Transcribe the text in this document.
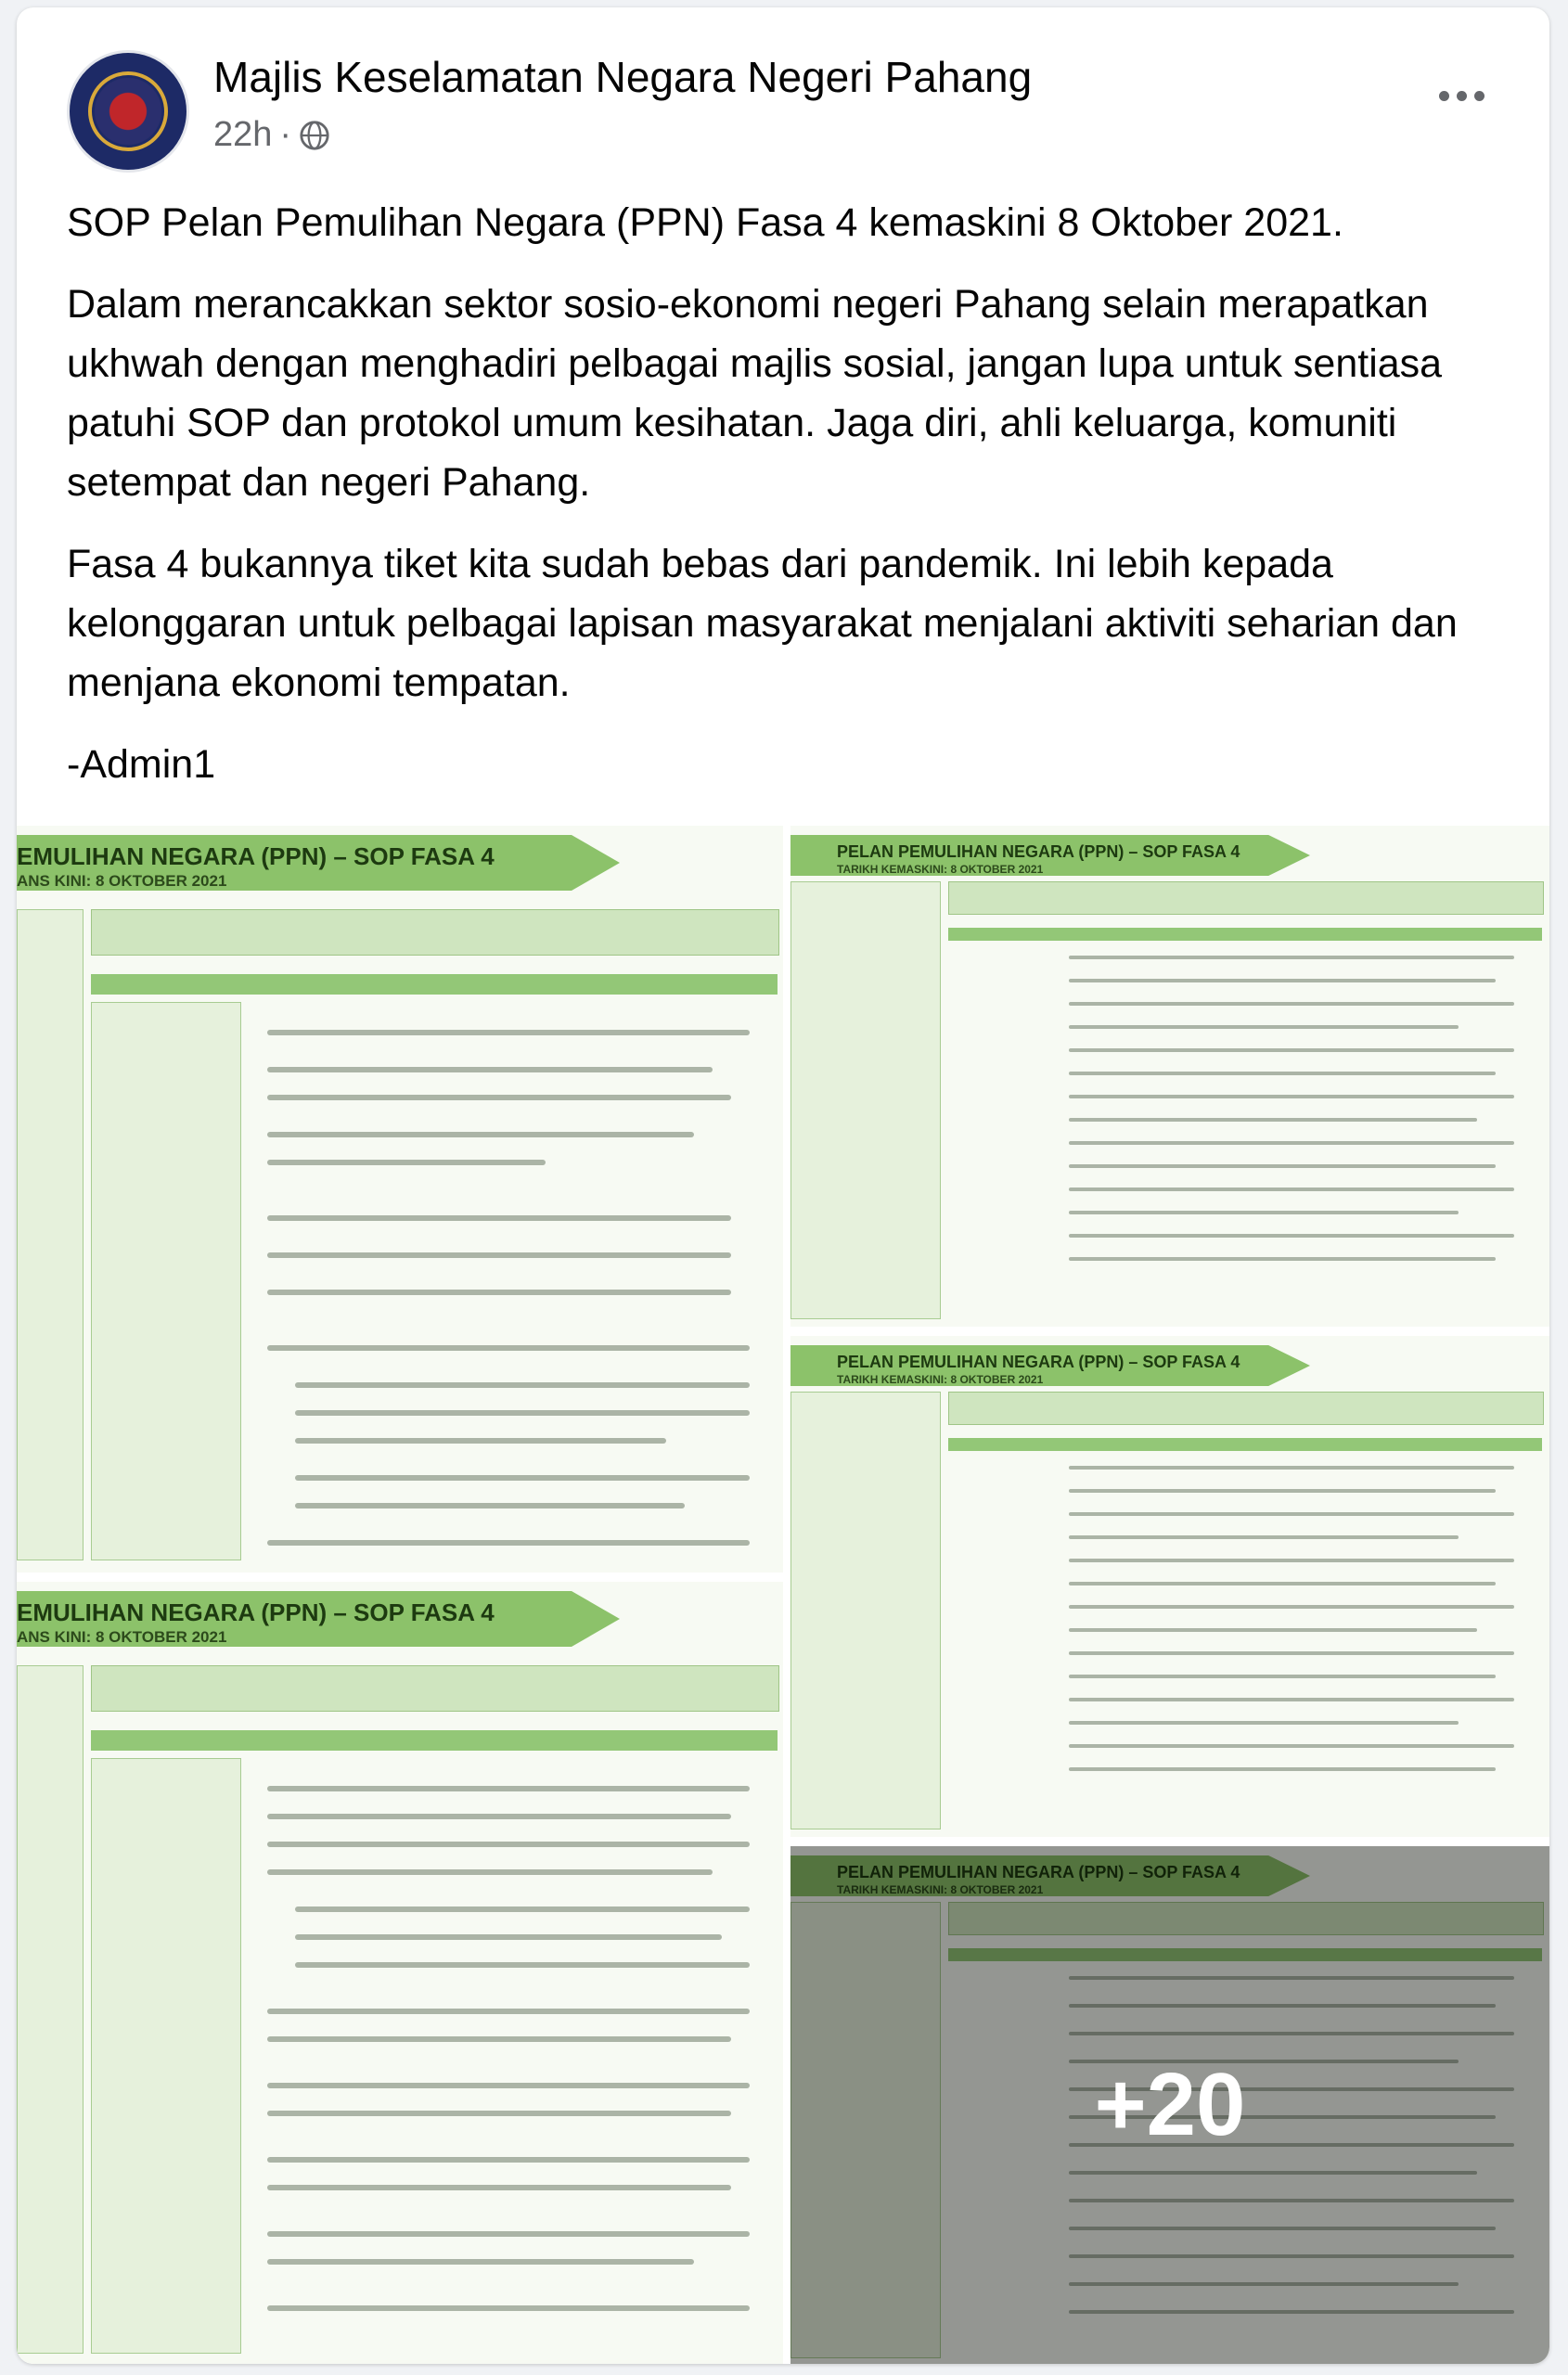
Majlis Keselamatan Negara Negeri Pahang
22h ·

SOP Pelan Pemulihan Negara (PPN) Fasa 4 kemaskini 8 Oktober 2021.

Dalam merancakkan sektor sosio-ekonomi negeri Pahang selain merapatkan ukhwah dengan menghadiri pelbagai majlis sosial, jangan lupa untuk sentiasa patuhi SOP dan protokol umum kesihatan. Jaga diri, ahli keluarga, komuniti setempat dan negeri Pahang.

Fasa 4 bukannya tiket kita sudah bebas dari pandemik. Ini lebih kepada kelonggaran untuk pelbagai lapisan masyarakat menjalani aktiviti seharian dan menjana ekonomi tempatan.

-Admin1

EMULIHAN NEGARA (PPN) – SOP FASA 4
ANS KINI: 8 OKTOBER 2021
EMULIHAN NEGARA (PPN) – SOP FASA 4
ANS KINI: 8 OKTOBER 2021
PELAN PEMULIHAN NEGARA (PPN) – SOP FASA 4
TARIKH KEMASKINI: 8 OKTOBER 2021
PELAN PEMULIHAN NEGARA (PPN) – SOP FASA 4
TARIKH KEMASKINI: 8 OKTOBER 2021
PELAN PEMULIHAN NEGARA (PPN) – SOP FASA 4
TARIKH KEMASKINI: 8 OKTOBER 2021
+20
